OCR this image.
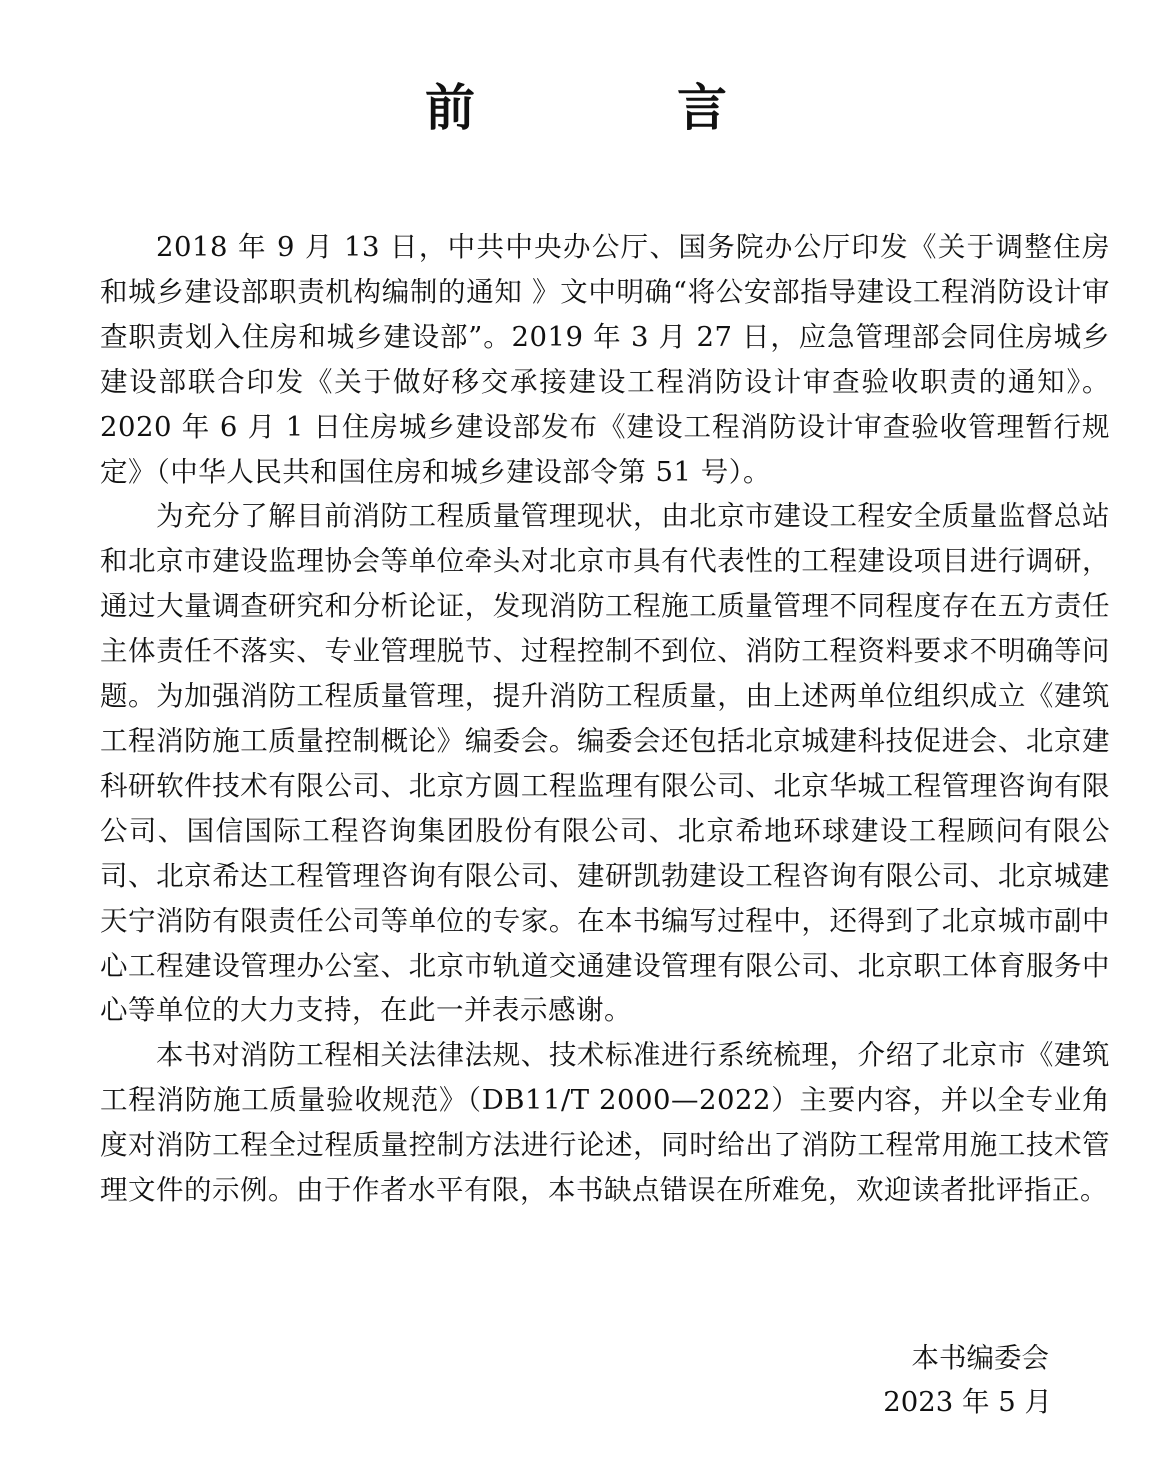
前　言

2018 年 9 月 13 日，中共中央办公厅、国务院办公厅印发《关于调整住房和城乡建设部职责机构编制的通知 》文中明确“将公安部指导建设工程消防设计审查职责划入住房和城乡建设部”。2019 年 3 月 27 日，应急管理部会同住房城乡建设部联合印发《关于做好移交承接建设工程消防设计审查验收职责的通知》。2020 年 6 月 1 日住房城乡建设部发布《建设工程消防设计审查验收管理暂行规定》（中华人民共和国住房和城乡建设部令第 51 号）。

为充分了解目前消防工程质量管理现状，由北京市建设工程安全质量监督总站和北京市建设监理协会等单位牵头对北京市具有代表性的工程建设项目进行调研，通过大量调查研究和分析论证，发现消防工程施工质量管理不同程度存在五方责任主体责任不落实、专业管理脱节、过程控制不到位、消防工程资料要求不明确等问题。为加强消防工程质量管理，提升消防工程质量，由上述两单位组织成立《建筑工程消防施工质量控制概论》编委会。编委会还包括北京城建科技促进会、北京建科研软件技术有限公司、北京方圆工程监理有限公司、北京华城工程管理咨询有限公司、国信国际工程咨询集团股份有限公司、北京希地环球建设工程顾问有限公司、北京希达工程管理咨询有限公司、建研凯勃建设工程咨询有限公司、北京城建天宁消防有限责任公司等单位的专家。在本书编写过程中，还得到了北京城市副中心工程建设管理办公室、北京市轨道交通建设管理有限公司、北京职工体育服务中心等单位的大力支持，在此一并表示感谢。

本书对消防工程相关法律法规、技术标准进行系统梳理，介绍了北京市《建筑工程消防施工质量验收规范》（DB11/T 2000—2022）主要内容，并以全专业角度对消防工程全过程质量控制方法进行论述，同时给出了消防工程常用施工技术管理文件的示例。由于作者水平有限，本书缺点错误在所难免，欢迎读者批评指正。

本书编委会
2023 年 5 月
